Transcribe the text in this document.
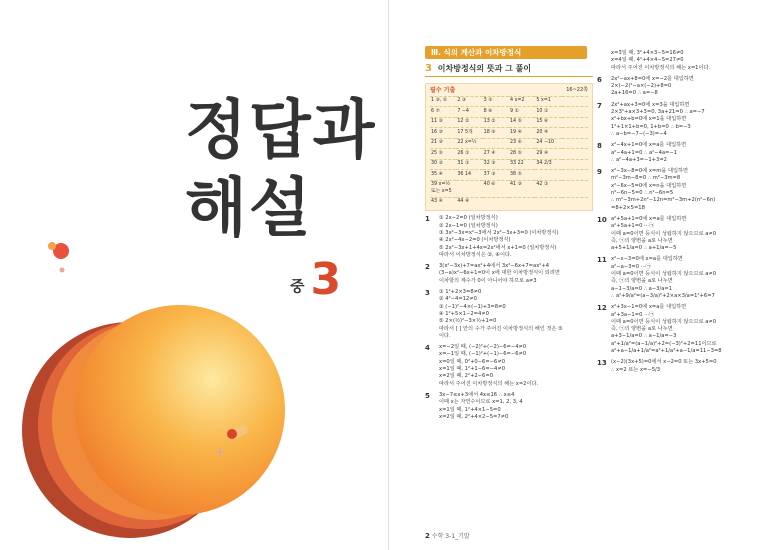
정답과
해설
중 3
Ⅲ. 식의 계산과 이차방정식
3 이차방정식의 뜻과 그 풀이
필수 기출	16~22쪽
1 ③, ⑤	2 ③	3 ⑤	4 x=2	5 x=1
6 ⑦	7 −4	8 ⑥	9 ①	10 ①
11 ③	12 ②	13 ②	14 ⑤	15 ⑥
16 ③	17 5개	18 ⑨	19 ④	20 ④
21 ③	22 x=½	23 ⑥	24 −10
25 ⑤	26 ①	27 ④	28 ⑤	29 ④
30 ③	31 ①	32 ③	33 22	34 2/3
35 ④	36 14	37 ③	38 ⑤
39 x=½ 또는 x=5
40 ⑥	41 ③	42 ①
43 ④	44 ④
1	① 2x−2=0 (일차방정식)
② 2x−1=0 (일차방정식)
③ 3x²−3x=x²−3에서 2x²−3x+3=0 (이차방정식)
④ 2x²−4x−2=0 (이차방정식)
⑤ 2x²−3x+1+4x=2x²에서 x+1=0 (일차방정식)
따라서 이차방정식은 ③, ④이다.
2	3(x²−3x)+7=ax²+4에서 3x²−6x+7=ax²+4
(3−a)x²−6x+1=0이 x에 대한 이차방정식이 되려면
이차항의 계수가 0이 아니어야 하므로 a≠3
3	① 1²+2×3=8≠0
② 4²−4=12≠0
③ (−1)²−4×(−1)+3=8≠0
④ 1²+5×1−2=4≠0
⑤ 2×(½)²−3×½+1=0
따라서 [ ] 안의 수가 주어진 이차방정식의 해인 것은 ⑤
이다.
4	x=−2일 때, (−2)²+(−2)−6=−4≠0
x=−1일 때, (−1)²+(−1)−6=−6≠0
x=0일 때, 0²+0−6=−6≠0
x=1일 때, 1²+1−6=−4≠0
x=2일 때, 2²+2−6=0
따라서 주어진 이차방정식의 해는 x=2이다.
5	3x−7≤x+3에서 4x≤16 ∴ x≤4
이때 x는 자연수이므로 x=1, 2, 3, 4
x=1일 때, 1²+4×1−5=0
x=2일 때, 2²+4×2−5=7≠0
x=3일 때, 3²+4×3−5=16≠0
x=4일 때, 4²+4×4−5=27≠0
따라서 주어진 이차방정식의 해는 x=1이다.
6	2x²−ax+8=0에 x=−2를 대입하면
2×(−2)²−a×(−2)+8=0
2a+16=0 ∴ a=−8
7	2x²+ax+3=0에 x=3을 대입하면
2×3²+a×3+3=0, 3a+21=0 ∴ a=−7
x²+bx+b=0에 x=1을 대입하면
1²+1×1+b=0, 1+b=0 ∴ b=−3
∴ a−b=−7−(−3)=−4
8	x²−4x+1=0에 x=a를 대입하면
a²−4a+1=0 ∴ a²−4a=−1
∴ a²−4a+3=−1+3=2
9	x²−3x−8=0에 x=m을 대입하면
m²−3m−8=0 ∴ m²−3m=8
x²−6x−5=0에 x=n을 대입하면
n²−6n−5=0 ∴ n²−6n=5
∴ m²−3m+2n²−12n=m²−3m+2(n²−6n)
=8+2×5=18
10 a²+5a+1=0에 x=a를 대입하면
a²+5a+1=0 ···㉠
이때 a=0이면 등식이 성립하지 않으므로 a≠0
즉, ㉠의 양변을 a로 나누면
a+5+1/a=0 ∴ a+1/a=−5
11 x²−x−3=0에 x=a를 대입하면
a²−a−3=0 ···㉠
이때 a=0이면 등식이 성립하지 않으므로 a≠0
즉, ㉠의 양변을 a로 나누면
a−1−3/a=0 ∴ a−3/a=1
∴ a²+9/a²=(a−3/a)²+2×a×3/a=1²+6=7
12 x²+3x−1=0에 x=a를 대입하면
a²+3a−1=0 ···㉠
이때 a=0이면 등식이 성립하지 않으므로 a≠0
즉, ㉠의 양변을 a로 나누면
a+3−1/a=0 ∴ a−1/a=−3
a²+1/a²=(a−1/a)²+2=(−3)²+2=11이므로
a²+a−1/a+1/a²=a²+1/a²+a−1/a=11−3=8
13 (x−2)(3x+5)=0에서 x−2=0 또는 3x+5=0
∴ x=2 또는 x=−5/3
2 수학 3-1_기말
